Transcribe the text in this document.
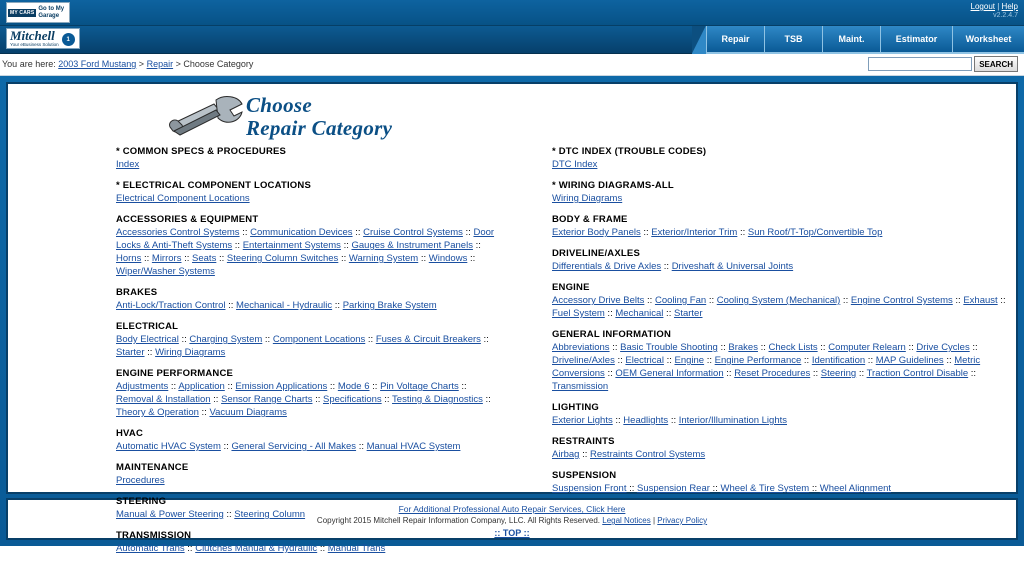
MY CARS
Go to My
Garage
Logout | Help
v2.2.4.7
Mitchell
Your eBusiness Solution
1	Repair	TSB	Maint.	Estimator	Worksheet
You are here: 2003 Ford Mustang > Repair > Choose Category	SEARCH
Choose
Repair Category
* COMMON SPECS & PROCEDURES
Index
* ELECTRICAL COMPONENT LOCATIONS
Electrical Component Locations
ACCESSORIES & EQUIPMENT
Accessories Control Systems :: Communication Devices :: Cruise Control Systems :: Door Locks & Anti-Theft Systems :: Entertainment Systems :: Gauges & Instrument Panels :: Horns :: Mirrors :: Seats :: Steering Column Switches :: Warning System :: Windows :: Wiper/Washer Systems
BRAKES
Anti-Lock/Traction Control :: Mechanical - Hydraulic :: Parking Brake System
ELECTRICAL
Body Electrical :: Charging System :: Component Locations :: Fuses & Circuit Breakers :: Starter :: Wiring Diagrams
ENGINE PERFORMANCE
Adjustments :: Application :: Emission Applications :: Mode 6 :: Pin Voltage Charts :: Removal & Installation :: Sensor Range Charts :: Specifications :: Testing & Diagnostics :: Theory & Operation :: Vacuum Diagrams
HVAC
Automatic HVAC System :: General Servicing - All Makes :: Manual HVAC System
MAINTENANCE
Procedures
STEERING
Manual & Power Steering :: Steering Column
TRANSMISSION
Automatic Trans :: Clutches Manual & Hydraulic :: Manual Trans
* DTC INDEX (TROUBLE CODES)
DTC Index
* WIRING DIAGRAMS-ALL
Wiring Diagrams
BODY & FRAME
Exterior Body Panels :: Exterior/Interior Trim :: Sun Roof/T-Top/Convertible Top
DRIVELINE/AXLES
Differentials & Drive Axles :: Driveshaft & Universal Joints
ENGINE
Accessory Drive Belts :: Cooling Fan :: Cooling System (Mechanical) :: Engine Control Systems :: Exhaust :: Fuel System :: Mechanical :: Starter
GENERAL INFORMATION
Abbreviations :: Basic Trouble Shooting :: Brakes :: Check Lists :: Computer Relearn :: Drive Cycles :: Driveline/Axles :: Electrical :: Engine :: Engine Performance :: Identification :: MAP Guidelines :: Metric Conversions :: OEM General Information :: Reset Procedures :: Steering :: Traction Control Disable :: Transmission
LIGHTING
Exterior Lights :: Headlights :: Interior/Illumination Lights
RESTRAINTS
Airbag :: Restraints Control Systems
SUSPENSION
Suspension Front :: Suspension Rear :: Wheel & Tire System :: Wheel Alignment
For Additional Professional Auto Repair Services, Click Here
Copyright 2015 Mitchell Repair Information Company, LLC. All Rights Reserved. Legal Notices | Privacy Policy
:: TOP ::
